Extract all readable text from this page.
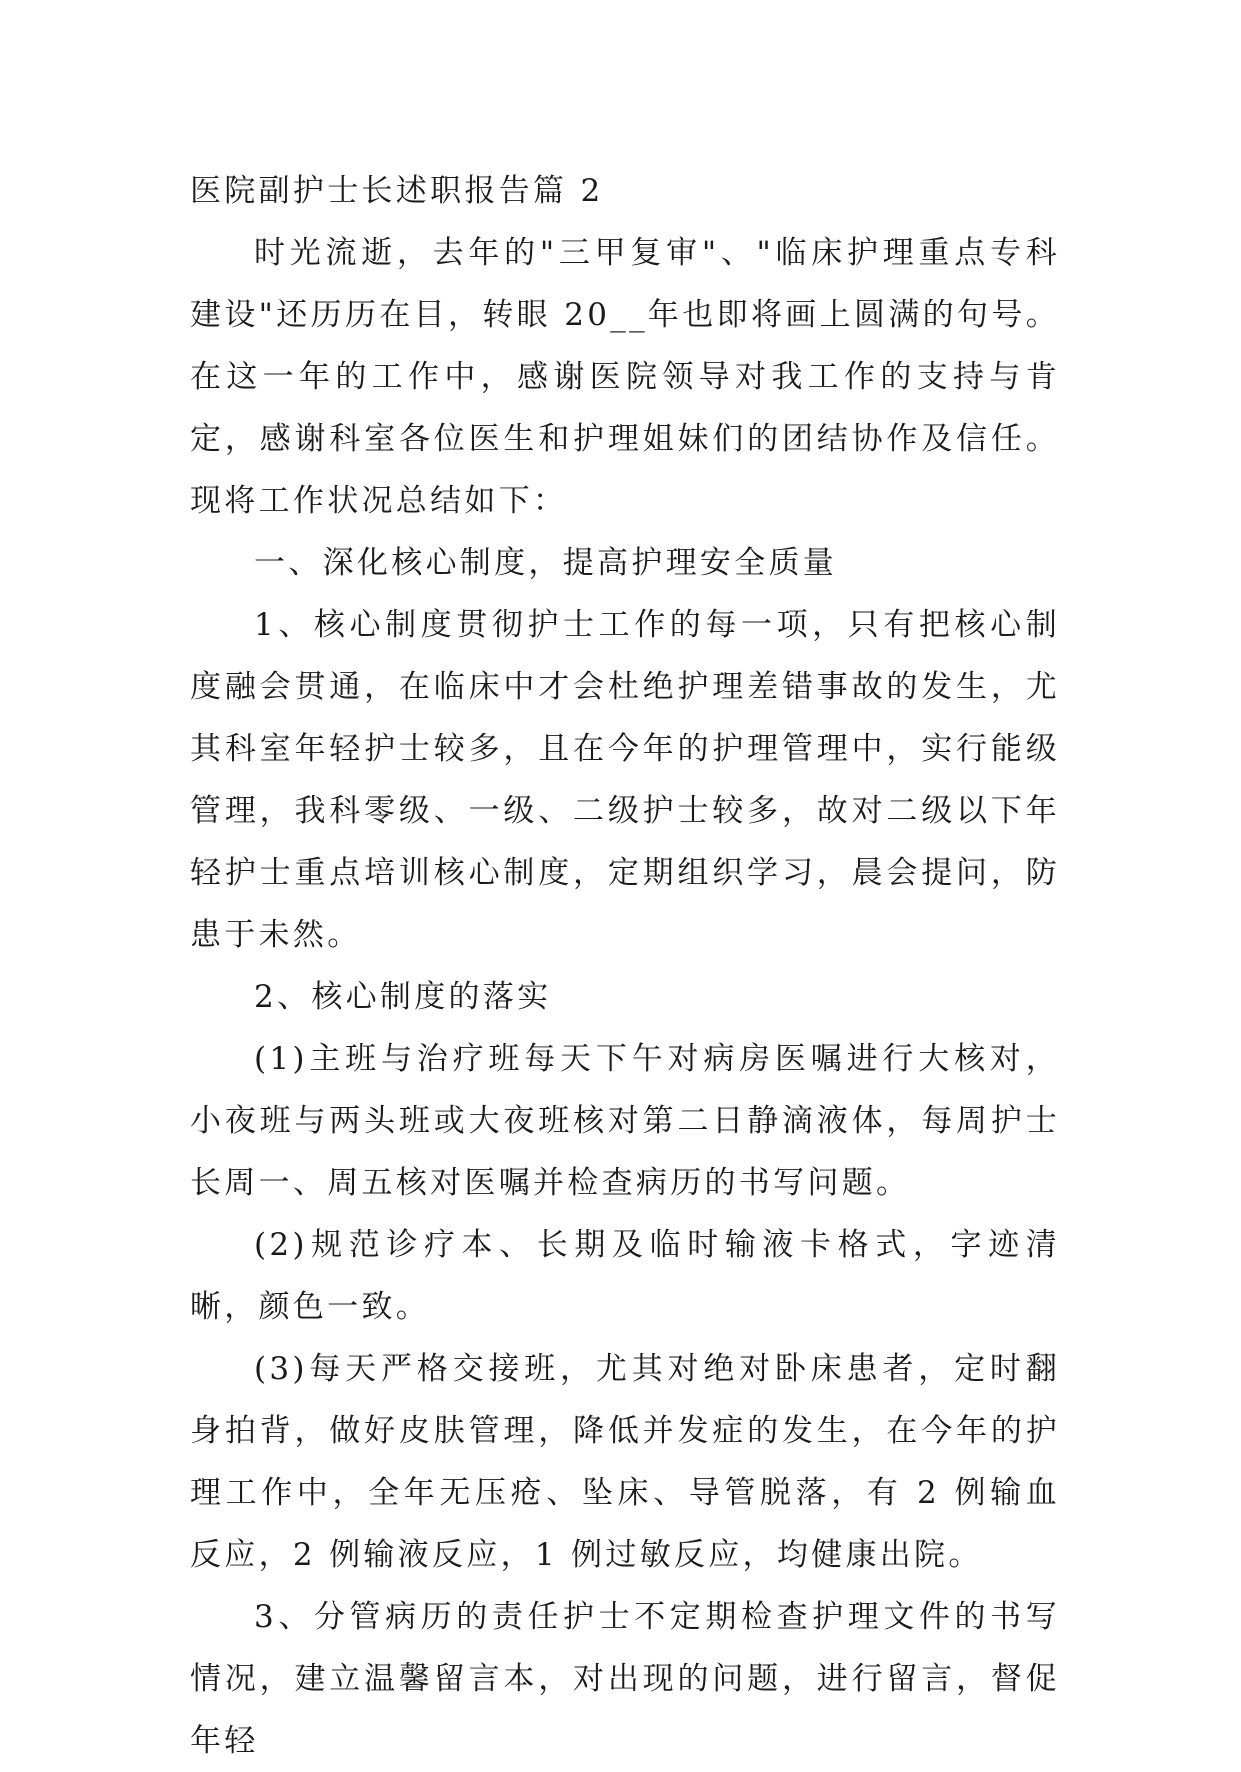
医院副护士长述职报告篇 2

时光流逝，去年的"三甲复审"、"临床护理重点专科建设"还历历在目，转眼 20__年也即将画上圆满的句号。在这一年的工作中，感谢医院领导对我工作的支持与肯定，感谢科室各位医生和护理姐妹们的团结协作及信任。现将工作状况总结如下：

一、深化核心制度，提高护理安全质量

1、核心制度贯彻护士工作的每一项，只有把核心制度融会贯通，在临床中才会杜绝护理差错事故的发生，尤其科室年轻护士较多，且在今年的护理管理中，实行能级管理，我科零级、一级、二级护士较多，故对二级以下年轻护士重点培训核心制度，定期组织学习，晨会提问，防患于未然。

2、核心制度的落实

(1)主班与治疗班每天下午对病房医嘱进行大核对，小夜班与两头班或大夜班核对第二日静滴液体，每周护士长周一、周五核对医嘱并检查病历的书写问题。

(2)规范诊疗本、长期及临时输液卡格式，字迹清晰，颜色一致。

(3)每天严格交接班，尤其对绝对卧床患者，定时翻身拍背，做好皮肤管理，降低并发症的发生，在今年的护理工作中，全年无压疮、坠床、导管脱落，有 2 例输血反应，2 例输液反应，1 例过敏反应，均健康出院。

3、分管病历的责任护士不定期检查护理文件的书写情况，建立温馨留言本，对出现的问题，进行留言，督促年轻
